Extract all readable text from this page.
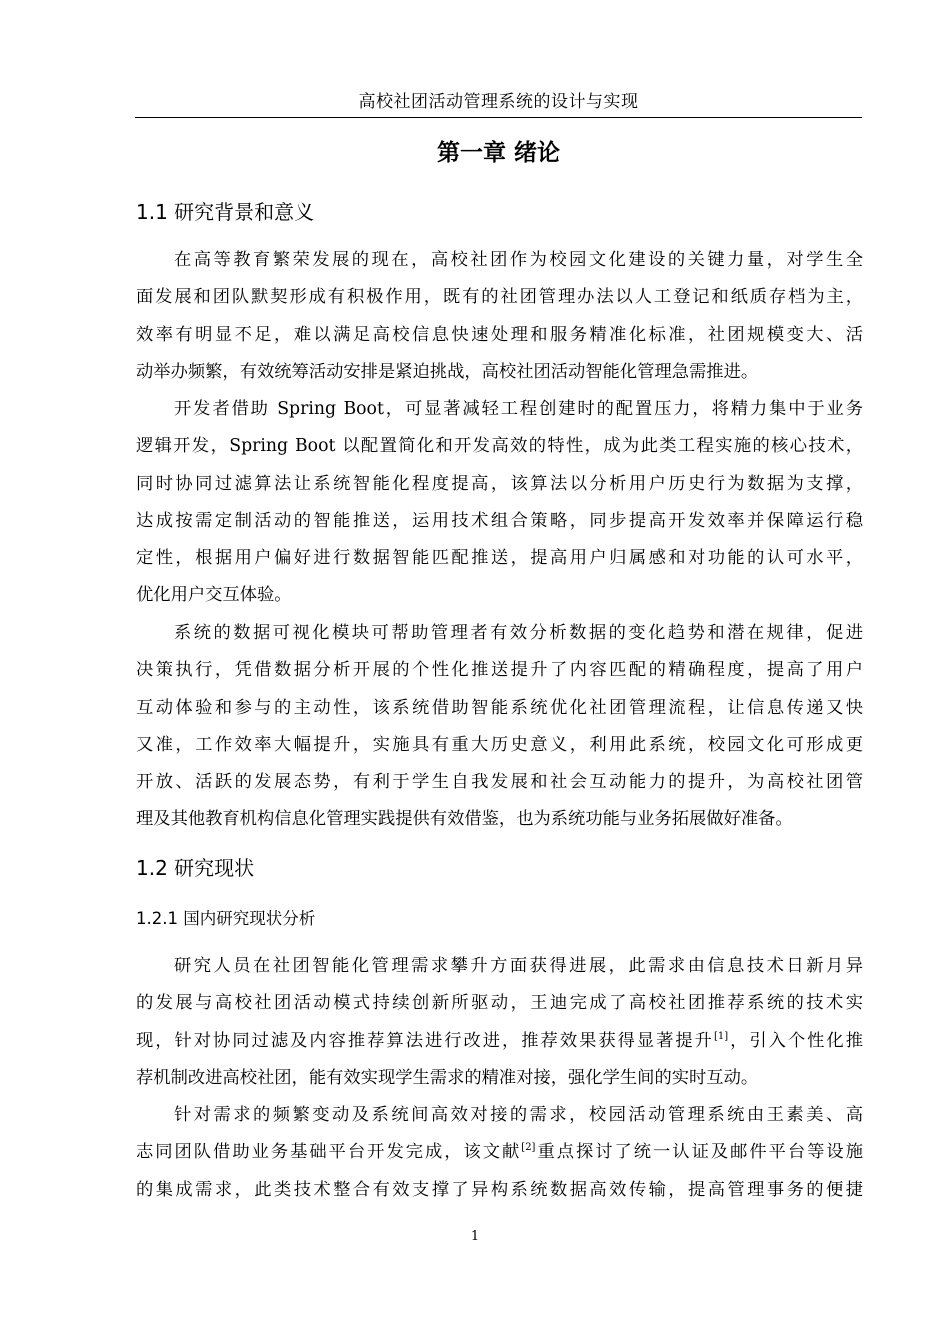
高校社团活动管理系统的设计与实现
第一章 绪论
1.1 研究背景和意义
在高等教育繁荣发展的现在，高校社团作为校园文化建设的关键力量，对学生全
面发展和团队默契形成有积极作用，既有的社团管理办法以人工登记和纸质存档为主，
效率有明显不足，难以满足高校信息快速处理和服务精准化标准，社团规模变大、活
动举办频繁，有效统筹活动安排是紧迫挑战，高校社团活动智能化管理急需推进。
开发者借助 Spring Boot，可显著减轻工程创建时的配置压力，将精力集中于业务
逻辑开发，Spring Boot 以配置简化和开发高效的特性，成为此类工程实施的核心技术，
同时协同过滤算法让系统智能化程度提高，该算法以分析用户历史行为数据为支撑，
达成按需定制活动的智能推送，运用技术组合策略，同步提高开发效率并保障运行稳
定性，根据用户偏好进行数据智能匹配推送，提高用户归属感和对功能的认可水平，
优化用户交互体验。
系统的数据可视化模块可帮助管理者有效分析数据的变化趋势和潜在规律，促进
决策执行，凭借数据分析开展的个性化推送提升了内容匹配的精确程度，提高了用户
互动体验和参与的主动性，该系统借助智能系统优化社团管理流程，让信息传递又快
又准，工作效率大幅提升，实施具有重大历史意义，利用此系统，校园文化可形成更
开放、活跃的发展态势，有利于学生自我发展和社会互动能力的提升，为高校社团管
理及其他教育机构信息化管理实践提供有效借鉴，也为系统功能与业务拓展做好准备。
1.2 研究现状
1.2.1 国内研究现状分析
研究人员在社团智能化管理需求攀升方面获得进展，此需求由信息技术日新月异
的发展与高校社团活动模式持续创新所驱动，王迪完成了高校社团推荐系统的技术实
现，针对协同过滤及内容推荐算法进行改进，推荐效果获得显著提升[1]，引入个性化推
荐机制改进高校社团，能有效实现学生需求的精准对接，强化学生间的实时互动。
针对需求的频繁变动及系统间高效对接的需求，校园活动管理系统由王素美、高
志同团队借助业务基础平台开发完成，该文献[2]重点探讨了统一认证及邮件平台等设施
的集成需求，此类技术整合有效支撑了异构系统数据高效传输，提高管理事务的便捷
1
